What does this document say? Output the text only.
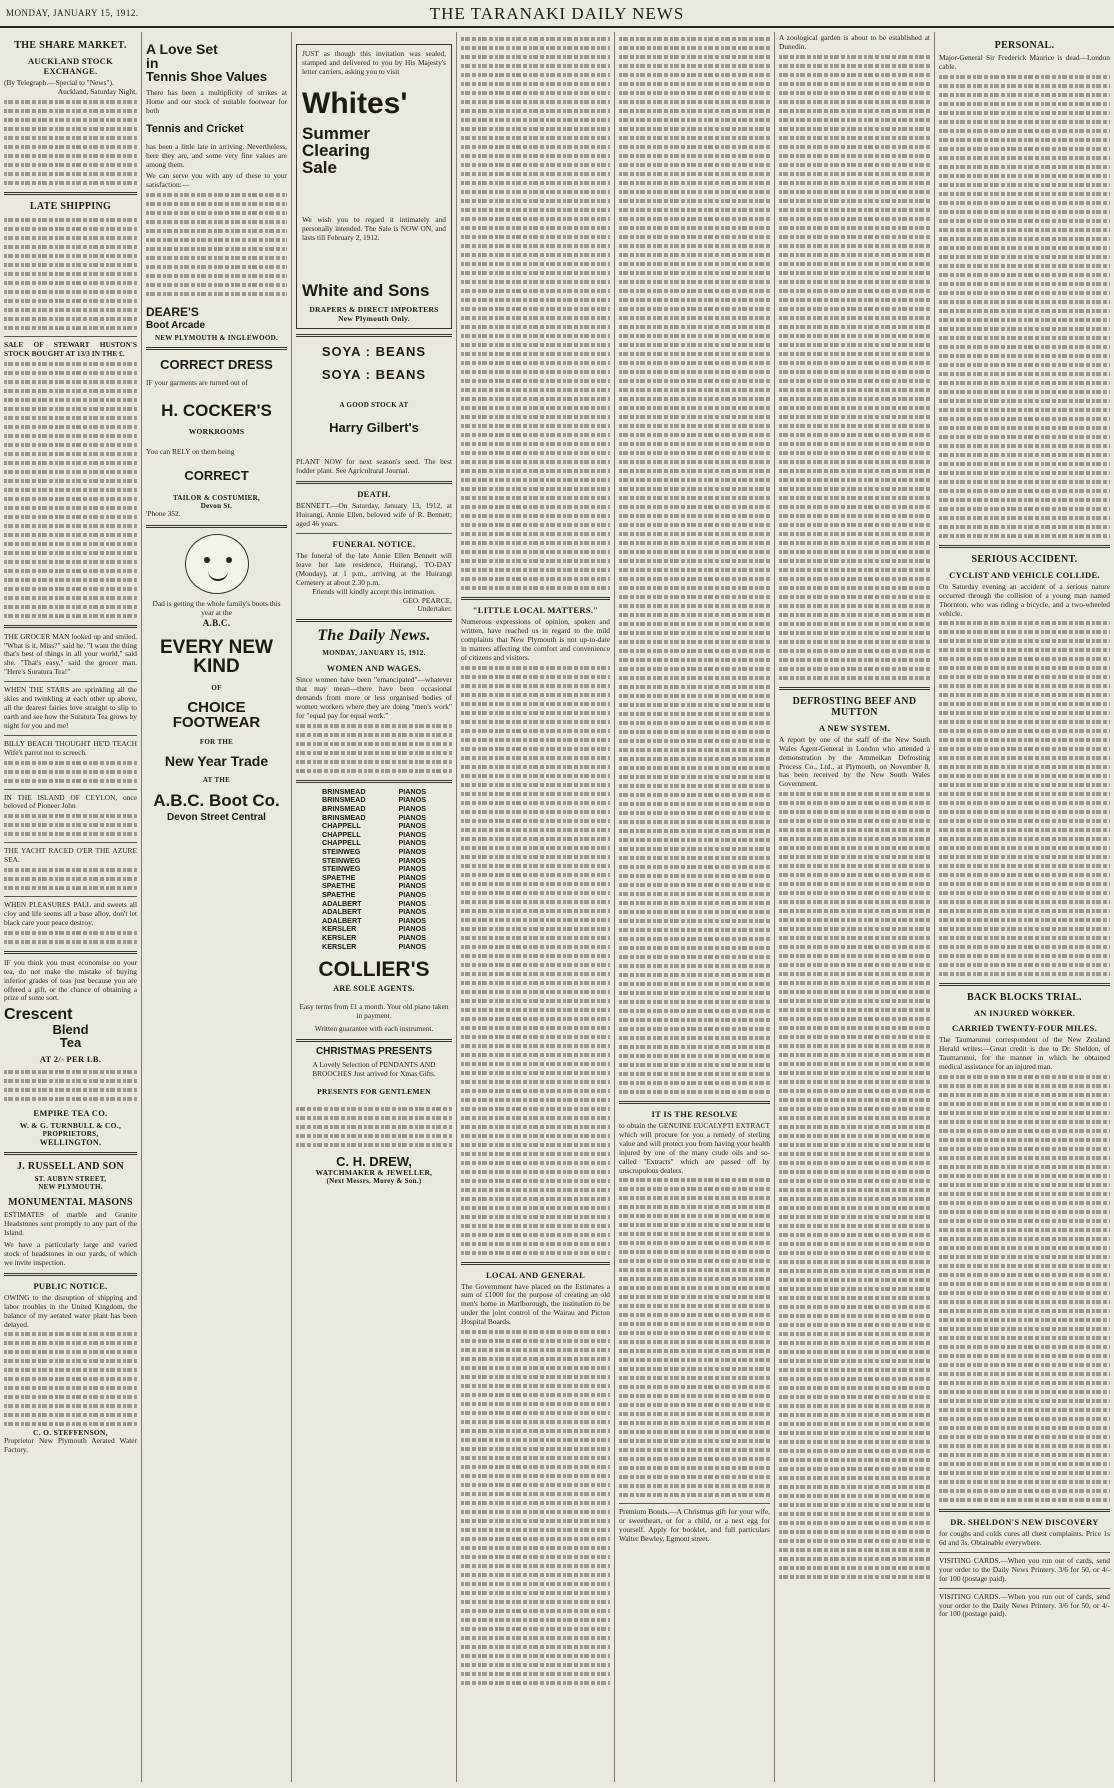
MONDAY, JANUARY 15, 1912.	THE TARANAKI DAILY NEWS
THE SHARE MARKET.
AUCKLAND STOCK EXCHANGE.

(By Telegraph.—Special to "News").

Auckland, Saturday Night.

LATE SHIPPING

SALE OF STEWART HUSTON'S STOCK BOUGHT AT 13/3 IN THE £.

THE GROCER MAN looked up and smiled. "What is it, Miss?" said he. "I want the thing that's best of things in all your world," said she. "That's easy," said the grocer man. "Here's Suratura Tea!"

WHEN THE STARS are sprinkling all the skies and twinkling at each other up above, all the dearest fairies love straight to slip to earth and see how the Suratura Tea grows by night for you and me!

BILLY BEACH THOUGHT HE'D TEACH Wife's parrot not to screech.

IN THE ISLAND OF CEYLON, once beloved of Pioneer John

THE YACHT RACED O'ER THE AZURE SEA.

WHEN PLEASURES PALL and sweets all cloy and life seems all a base alloy, don't let black care your peace destroy.

IF you think you must economise on your tea, do not make the mistake of buying inferior grades of teas just because you are offered a gift, or the chance of obtaining a prize of some sort.

Crescent
Blend
Tea
AT 2/- PER LB.
EMPIRE TEA CO.
W. & G. TURNBULL & CO.,
PROPRIETORS,
WELLINGTON.
J. RUSSELL AND SON
ST. AUBYN STREET,
NEW PLYMOUTH.
MONUMENTAL MASONS

ESTIMATES of marble and Granite Headstones sent promptly to any part of the Island.

We have a particularly large and varied stock of headstones in our yards, of which we invite inspection.

PUBLIC NOTICE.

OWING to the disruption of shipping and labor troubles in the United Kingdom, the balance of my aerated water plant has been delayed.

C. O. STEFFENSON,

Proprietor New Plymouth Aerated Water Factory.

A Love Set
in
Tennis Shoe Values

There has been a multiplicity of strikes at Home and our stock of suitable footwear for both

Tennis and Cricket

has been a little late in arriving. Nevertheless, here they are, and some very fine values are among them.

We can serve you with any of these to your satisfaction:—

DEARE'S
Boot Arcade
NEW PLYMOUTH & INGLEWOOD.
CORRECT DRESS

IF your garments are turned out of

H. COCKER'S
WORKROOMS

You can RELY on them being

CORRECT
TAILOR & COSTUMIER,
Devon St.

'Phone 352.

Dad is getting the whole family's boots this year at the

A.B.C.
EVERY NEW
KIND
OF
CHOICE
FOOTWEAR
FOR THE
New Year Trade
AT THE
A.B.C. Boot Co.
Devon Street Central

JUST as though this invitation was sealed, stamped and delivered to you by His Majesty's letter carriers, asking you to visit

Whites'
Summer
Clearing
Sale

We wish you to regard it intimately and personally intended. The Sale is NOW ON, and lasts till February 2, 1912.

White and Sons
DRAPERS & DIRECT IMPORTERS
New Plymouth Only.
SOYA : BEANS
SOYA : BEANS
A GOOD STOCK AT
Harry Gilbert's

PLANT NOW for next season's seed. The best fodder plant. See Agricultural Journal.

DEATH.

BENNETT.—On Saturday, January 13, 1912, at Huirangi, Annie Ellen, beloved wife of R. Bennett; aged 46 years.

FUNERAL NOTICE.

The funeral of the late Annie Ellen Bennett will leave her late residence, Huirangi, TO-DAY (Monday), at 1 p.m., arriving at the Huirangi Cemetery at about 2.30 p.m.

Friends will kindly accept this intimation.

GEO. PEARCE,

Undertaker.

The Daily News.
MONDAY, JANUARY 15, 1912.
WOMEN AND WAGES.

Since women have been "emancipated"—whatever that may mean—there have been occasional demands from more or less organised bodies of women workers where they are doing "men's work" for "equal pay for equal work."

BRINSMEAD	PIANOS
BRINSMEAD	PIANOS
BRINSMEAD	PIANOS
BRINSMEAD	PIANOS
CHAPPELL	PIANOS
CHAPPELL	PIANOS
CHAPPELL	PIANOS
STEINWEG	PIANOS
STEINWEG	PIANOS
STEINWEG	PIANOS
SPAETHE	PIANOS
SPAETHE	PIANOS
SPAETHE	PIANOS
ADALBERT	PIANOS
ADALBERT	PIANOS
ADALBERT	PIANOS
KERSLER	PIANOS
KERSLER	PIANOS
KERSLER	PIANOS
COLLIER'S
ARE SOLE AGENTS.

Easy terms from £1 a month. Your old piano taken in payment.

Written guarantee with each instrument.

CHRISTMAS PRESENTS

A Lovely Selection of PENDANTS AND BROOCHES Just arrived for Xmas Gifts.

PRESENTS FOR GENTLEMEN
C. H. DREW,
WATCHMAKER & JEWELLER,
(Next Messrs. Morey & Son.)
"LITTLE LOCAL MATTERS."

Numerous expressions of opinion, spoken and written, have reached us in regard to the mild complaints that New Plymouth is not up-to-date in matters affecting the comfort and convenience of citizens and visitors.

LOCAL AND GENERAL

The Government have placed on the Estimates a sum of £1000 for the purpose of creating an old men's home in Marlborough, the institution to be under the joint control of the Wairau and Picton Hospital Boards.

IT IS THE RESOLVE

to obtain the GENUINE EUCALYPTI EXTRACT which will procure for you a remedy of sterling value and will protect you from having your health injured by one of the many crude oils and so-called "Extracts" which are passed off by unscrupulous dealers.

Premium Bonds.—A Christmas gift for your wife, or sweetheart, or for a child, or a nest egg for yourself. Apply for booklet, and full particulars Walter Bewley, Egmont street.

A zoological garden is about to be established at Dunedin.

DEFROSTING BEEF AND MUTTON
A NEW SYSTEM.

A report by one of the staff of the New South Wales Agent-General in London who attended a demonstration by the Ammeikan Defrosting Process Co., Ltd., at Plymouth, on November 8, has been received by the New South Wales Government.

PERSONAL.

Major-General Sir Frederick Maurice is dead—London cable.

SERIOUS ACCIDENT.
CYCLIST AND VEHICLE COLLIDE.

On Saturday evening an accident of a serious nature occurred through the collision of a young man named Thornton, who was riding a bicycle, and a two-wheeled vehicle.

BACK BLOCKS TRIAL.
AN INJURED WORKER.
CARRIED TWENTY-FOUR MILES.

The Taumarunui correspondent of the New Zealand Herald writes:—Great credit is due to Dr. Sheldon, of Taumarunui, for the manner in which he obtained medical assistance for an injured man.

DR. SHELDON'S NEW DISCOVERY

for coughs and colds cures all chest complaints. Price 1s 6d and 3s. Obtainable everywhere.

VISITING CARDS.—When you run out of cards, send your order to the Daily News Printery. 3/6 for 50, or 4/- for 100 (postage paid).

VISITING CARDS.—When you run out of cards, send your order to the Daily News Printery. 3/6 for 50, or 4/- for 100 (postage paid).
